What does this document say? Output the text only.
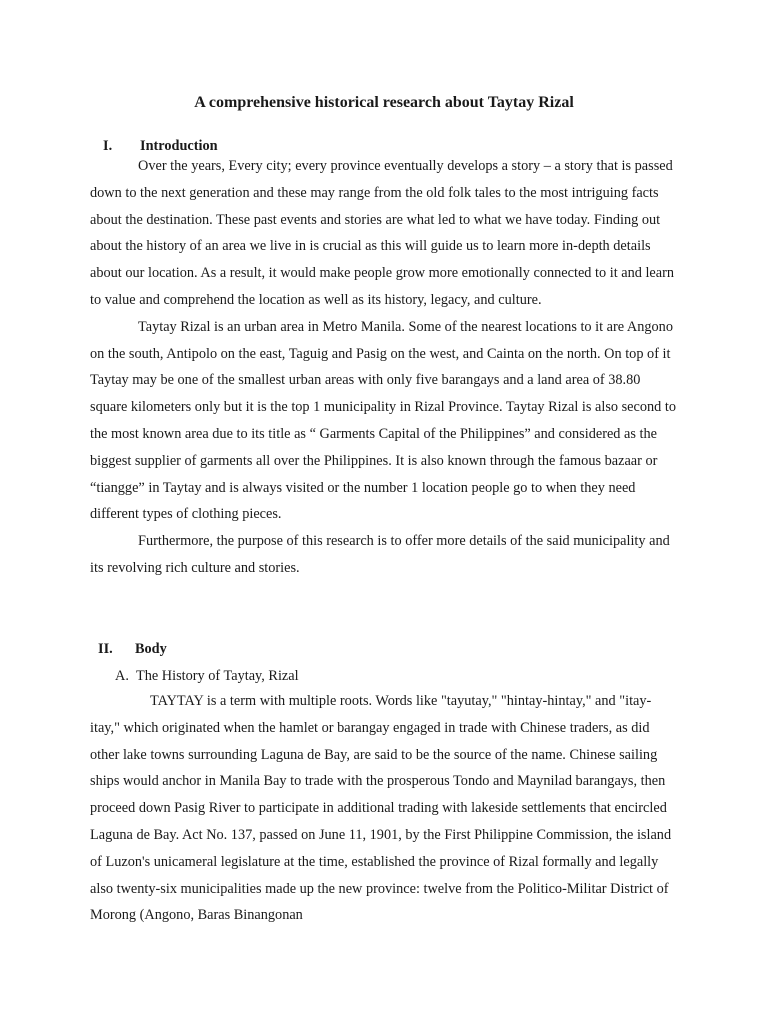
A comprehensive historical research about Taytay Rizal
I. Introduction

Over the years, Every city; every province eventually develops a story – a story that is passed down to the next generation and these may range from the old folk tales to the most intriguing facts about the destination. These past events and stories are what led to what we have today. Finding out about the history of an area we live in is crucial as this will guide us to learn more in-depth details about our location. As a result, it would make people grow more emotionally connected to it and learn to value and comprehend the location as well as its history, legacy, and culture.

Taytay Rizal is an urban area in Metro Manila. Some of the nearest locations to it are Angono on the south, Antipolo on the east, Taguig and Pasig on the west, and Cainta on the north. On top of it Taytay may be one of the smallest urban areas with only five barangays and a land area of 38.80 square kilometers only but it is the top 1 municipality in Rizal Province. Taytay Rizal is also second to the most known area due to its title as “ Garments Capital of the Philippines” and considered as the biggest supplier of garments all over the Philippines. It is also known through the famous bazaar or “tiangge” in Taytay and is always visited or the number 1 location people go to when they need different types of clothing pieces.

Furthermore, the purpose of this research is to offer more details of the said municipality and its revolving rich culture and stories.

II. Body
A. The History of Taytay, Rizal

TAYTAY is a term with multiple roots. Words like "tayutay," "hintay-hintay," and "itay-itay," which originated when the hamlet or barangay engaged in trade with Chinese traders, as did other lake towns surrounding Laguna de Bay, are said to be the source of the name. Chinese sailing ships would anchor in Manila Bay to trade with the prosperous Tondo and Maynilad barangays, then proceed down Pasig River to participate in additional trading with lakeside settlements that encircled Laguna de Bay. Act No. 137, passed on June 11, 1901, by the First Philippine Commission, the island of Luzon's unicameral legislature at the time, established the province of Rizal formally and legally also twenty-six municipalities made up the new province: twelve from the Politico-Militar District of Morong (Angono, Baras Binangonan
